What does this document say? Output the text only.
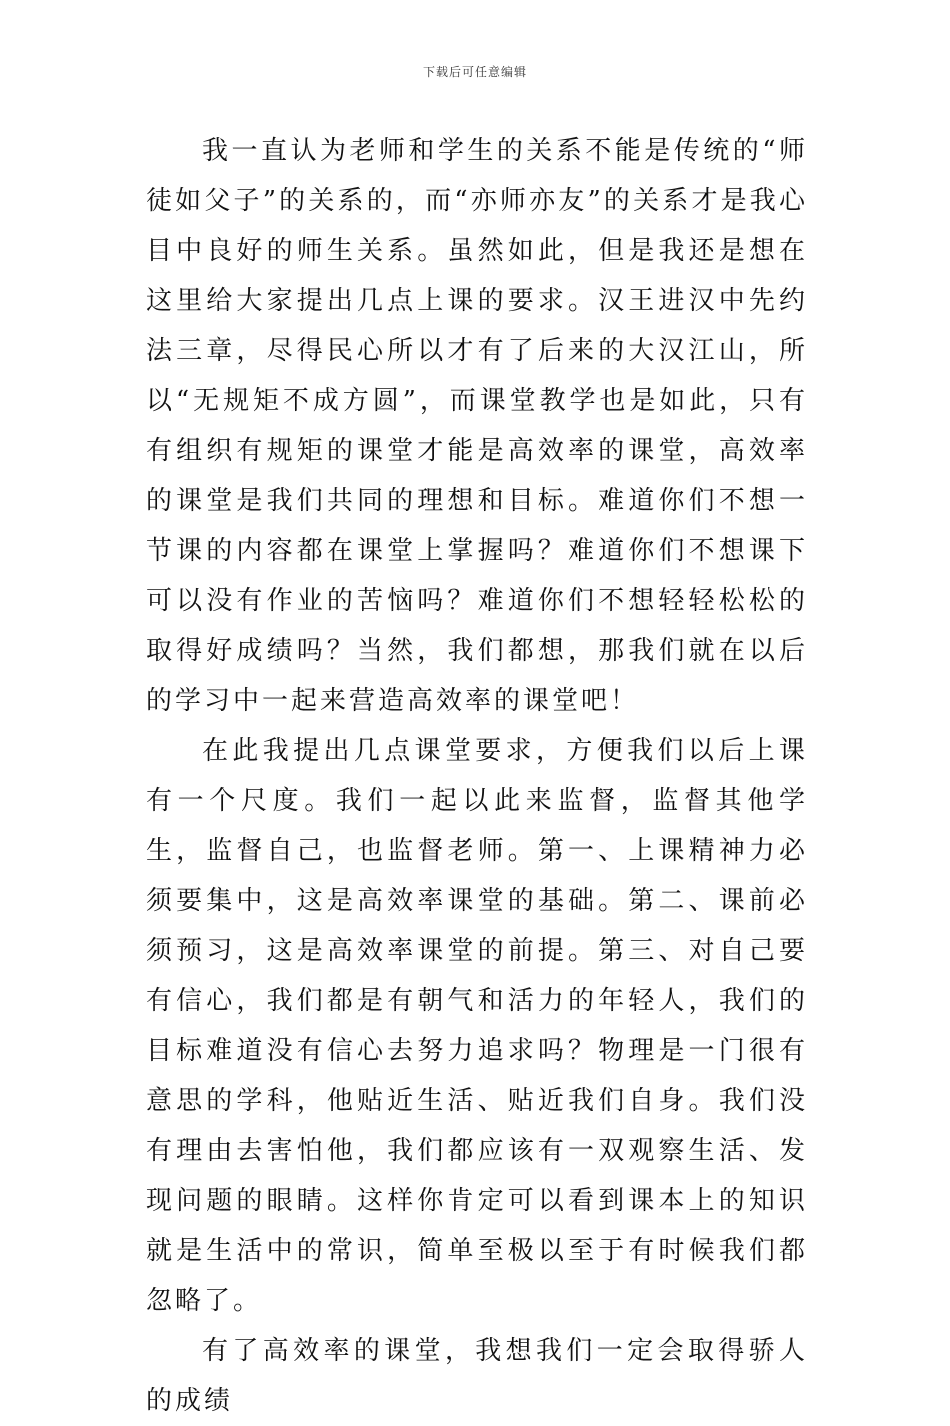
下载后可任意编辑

我一直认为老师和学生的关系不能是传统的“师徒如父子”的关系的，而“亦师亦友”的关系才是我心目中良好的师生关系。虽然如此，但是我还是想在这里给大家提出几点上课的要求。汉王进汉中先约法三章，尽得民心所以才有了后来的大汉江山，所以“无规矩不成方圆”，而课堂教学也是如此，只有有组织有规矩的课堂才能是高效率的课堂，高效率的课堂是我们共同的理想和目标。难道你们不想一节课的内容都在课堂上掌握吗？难道你们不想课下可以没有作业的苦恼吗？难道你们不想轻轻松松的取得好成绩吗？当然，我们都想，那我们就在以后的学习中一起来营造高效率的课堂吧！

在此我提出几点课堂要求，方便我们以后上课有一个尺度。我们一起以此来监督，监督其他学生，监督自己，也监督老师。第一、上课精神力必须要集中，这是高效率课堂的基础。第二、课前必须预习，这是高效率课堂的前提。第三、对自己要有信心，我们都是有朝气和活力的年轻人，我们的目标难道没有信心去努力追求吗？物理是一门很有意思的学科，他贴近生活、贴近我们自身。我们没有理由去害怕他，我们都应该有一双观察生活、发现问题的眼睛。这样你肯定可以看到课本上的知识就是生活中的常识，简单至极以至于有时候我们都忽略了。

有了高效率的课堂，我想我们一定会取得骄人的成绩
